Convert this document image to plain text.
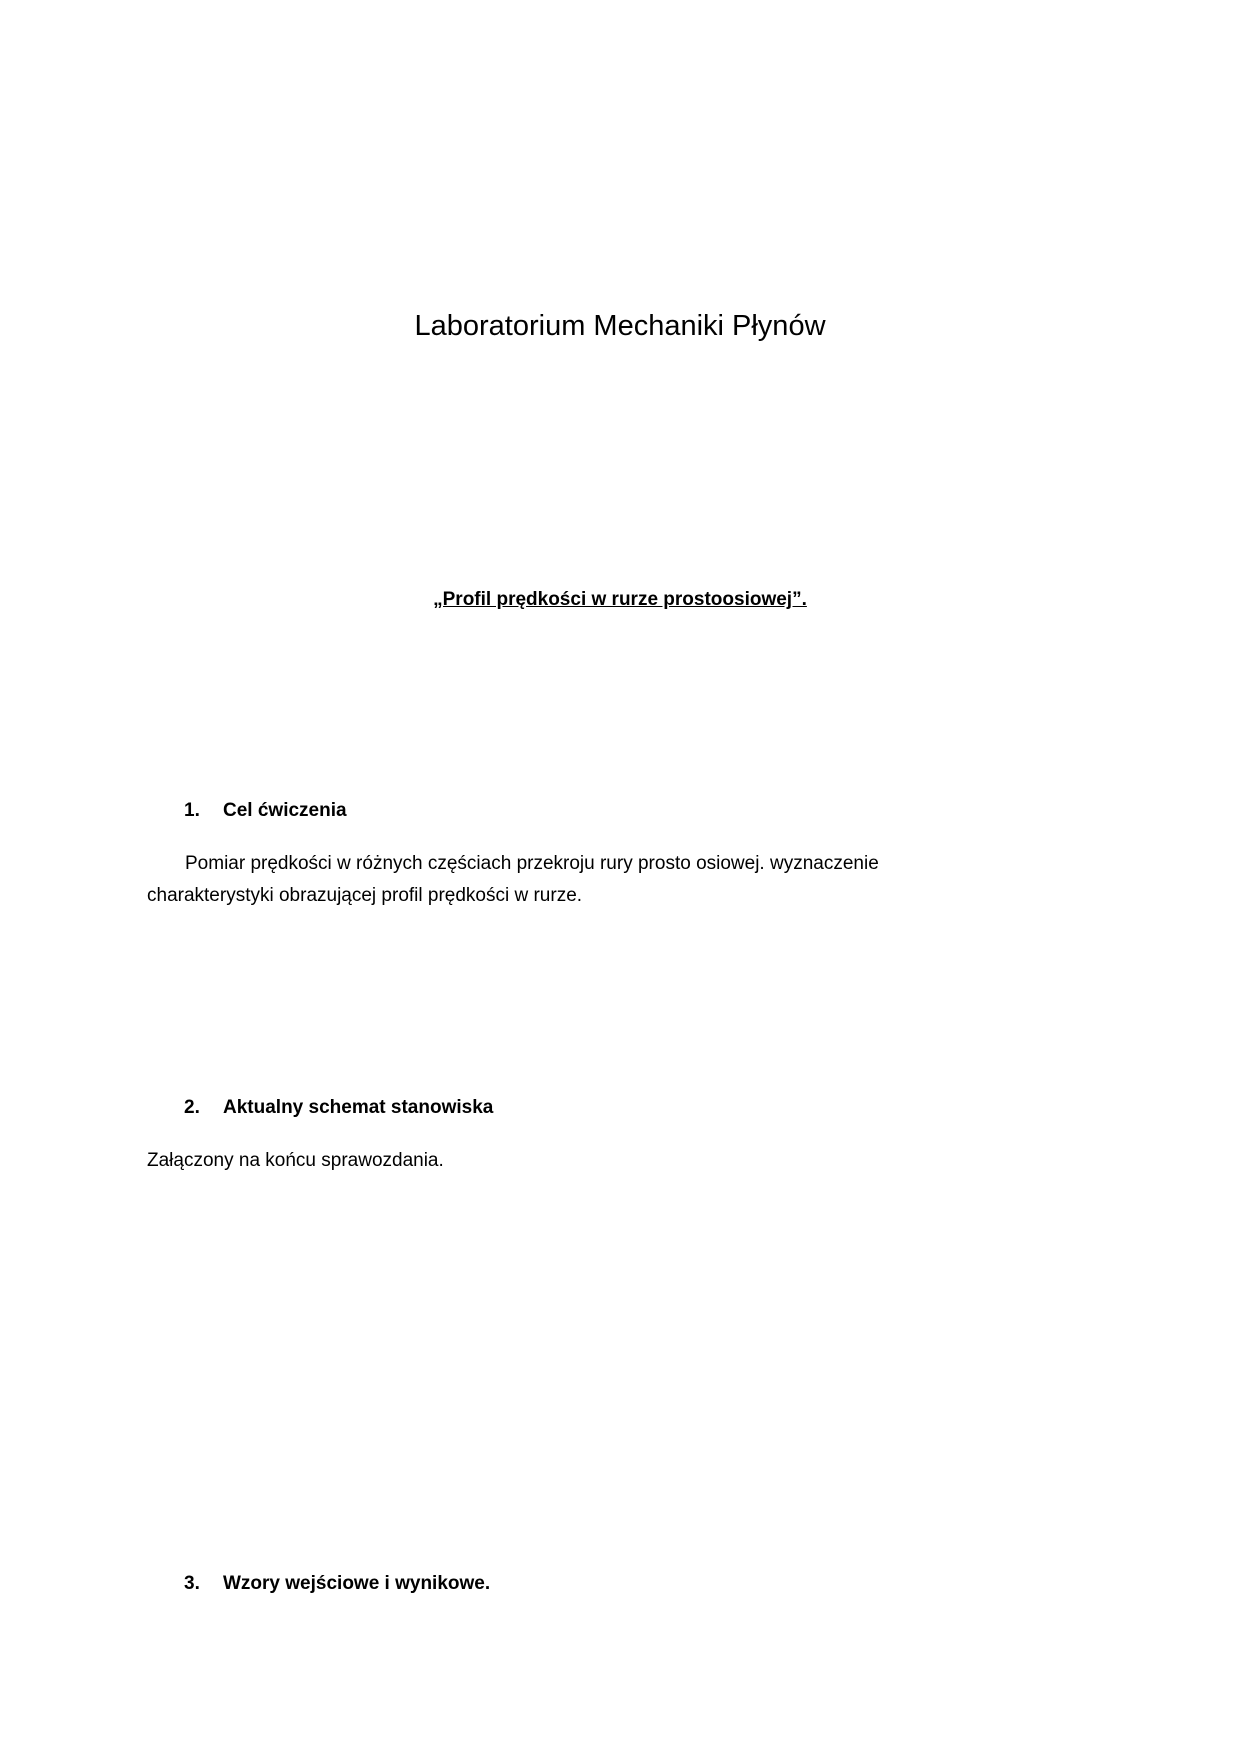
Laboratorium Mechaniki Płynów
„Profil prędkości w rurze prostoosiowej”.
1. Cel ćwiczenia
Pomiar prędkości w różnych częściach przekroju rury prosto osiowej. wyznaczenie
charakterystyki obrazującej profil prędkości w rurze.
2. Aktualny schemat stanowiska
Załączony na końcu sprawozdania.
3. Wzory wejściowe i wynikowe.
